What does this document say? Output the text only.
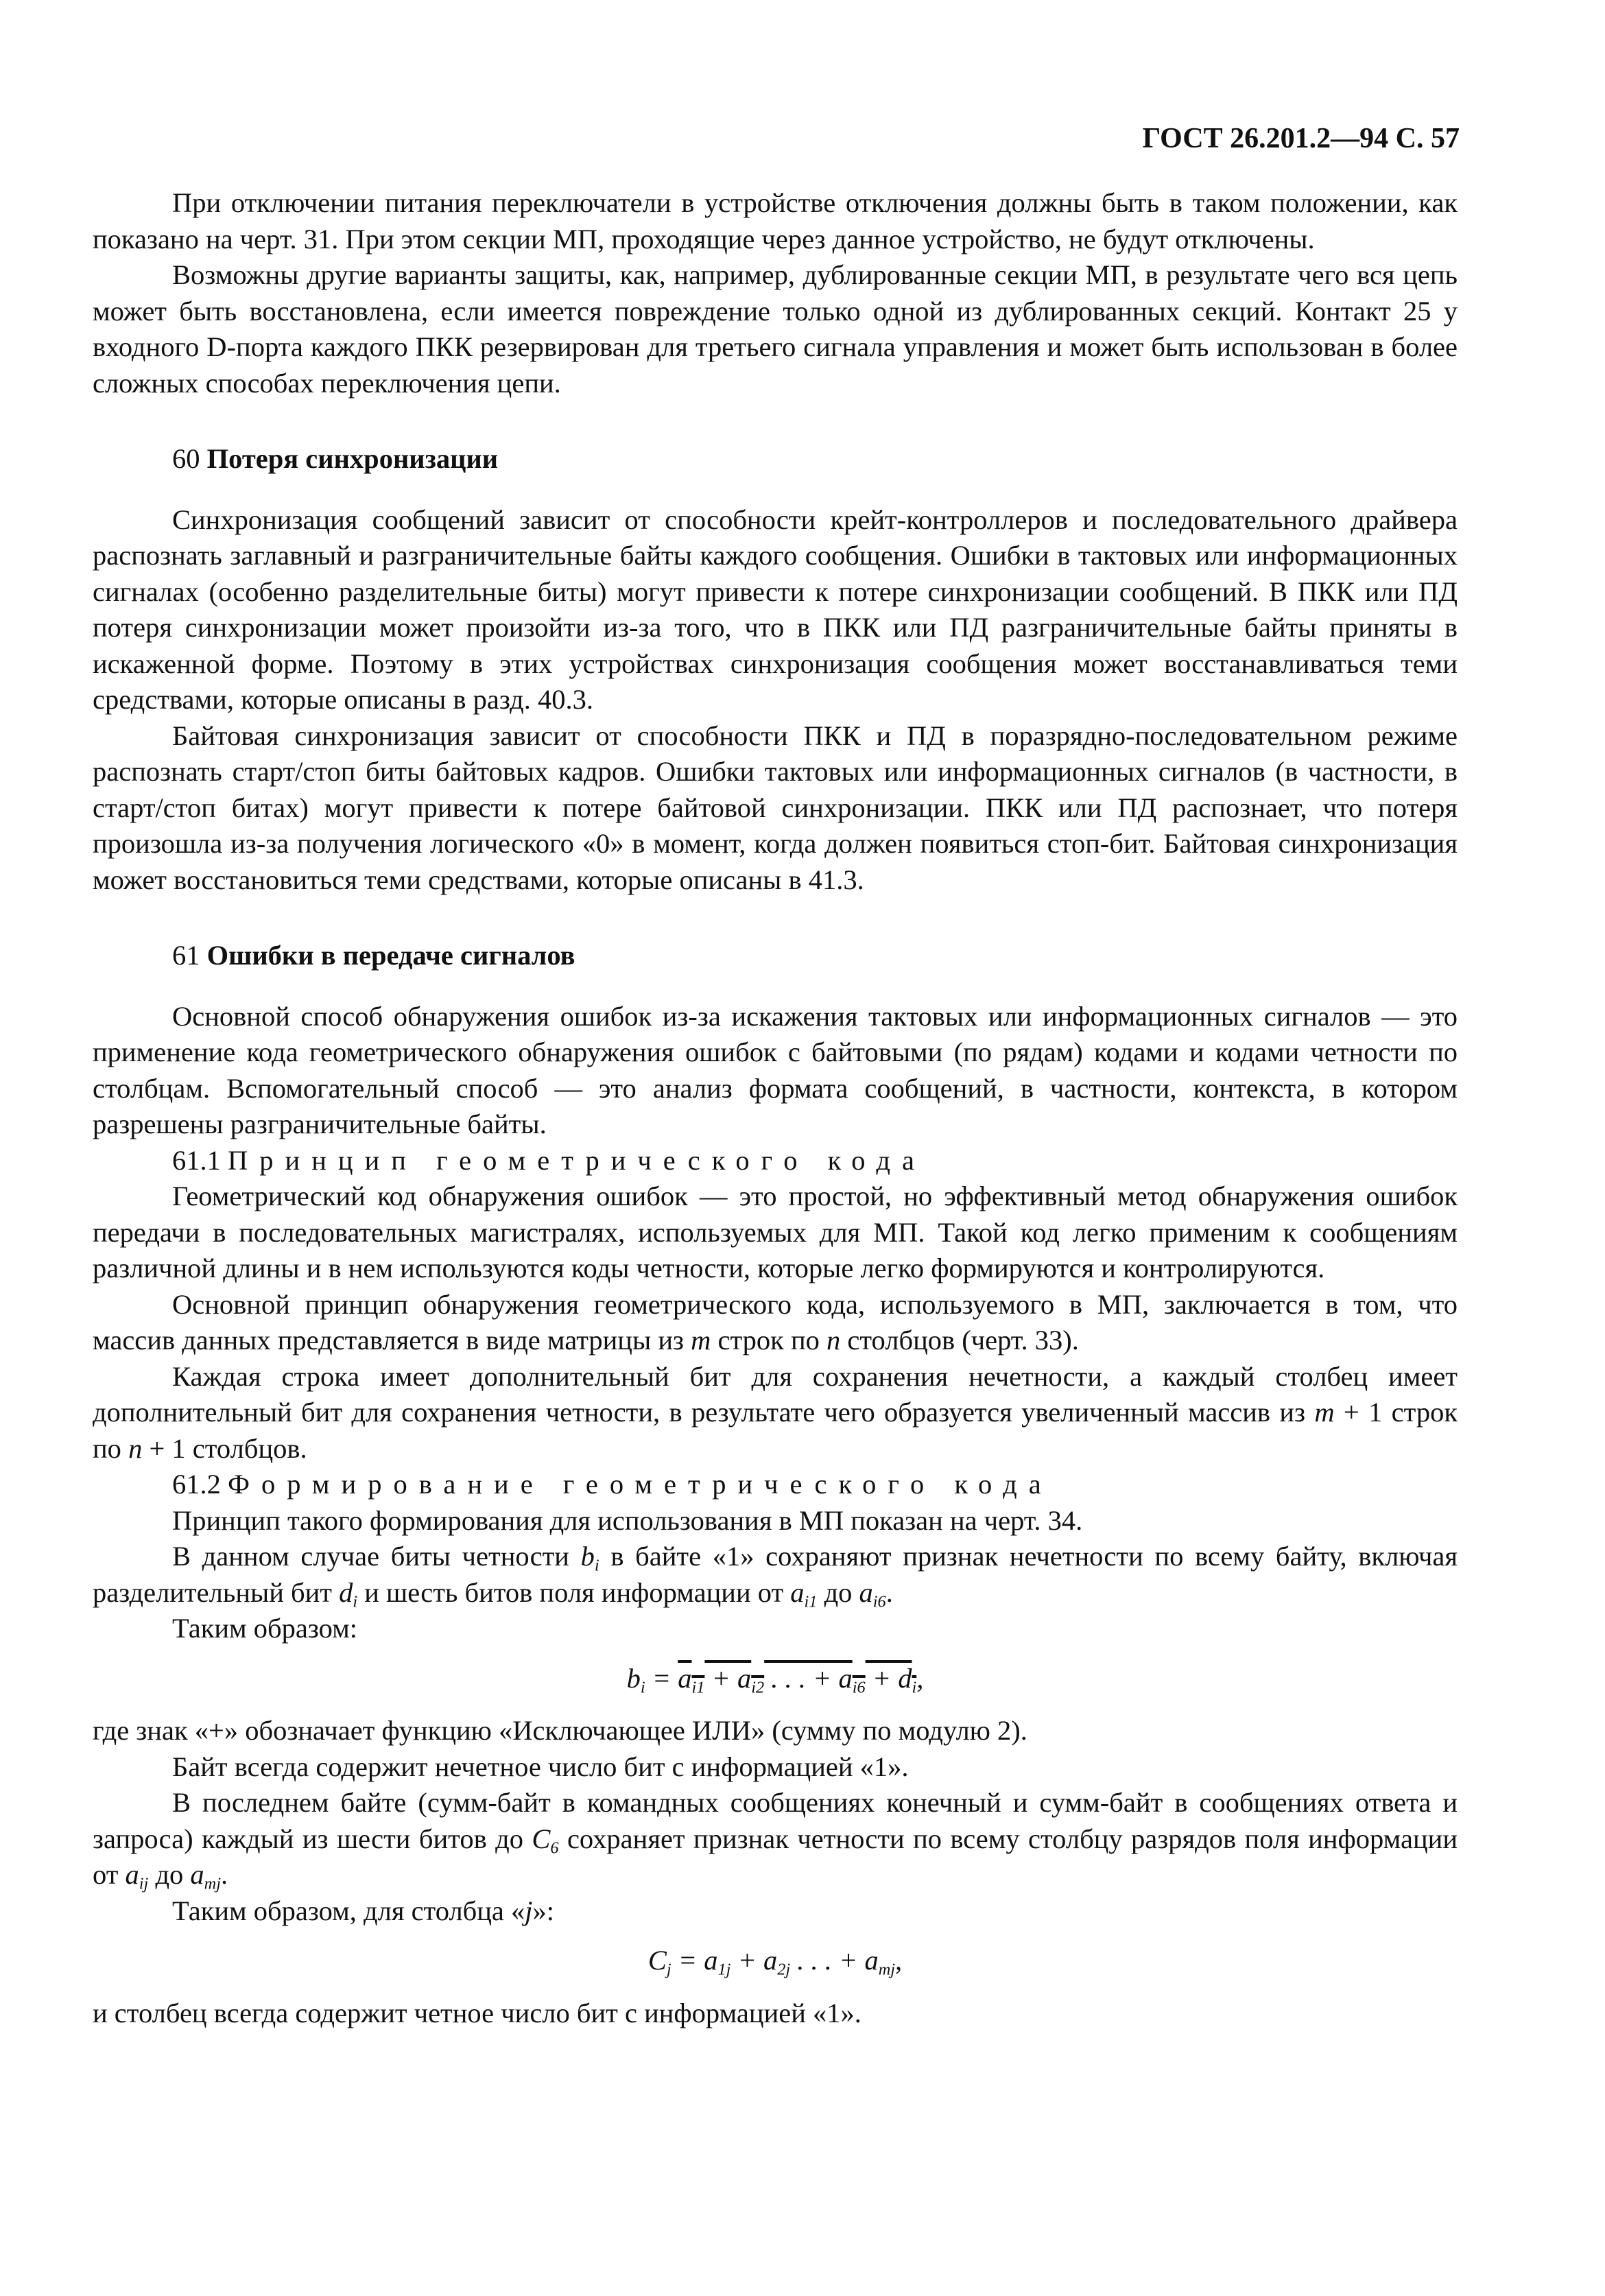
ГОСТ 26.201.2—94 С. 57

При отключении питания переключатели в устройстве отключения должны быть в таком положении, как показано на черт. 31. При этом секции МП, проходящие через данное устройство, не будут отключены.

Возможны другие варианты защиты, как, например, дублированные секции МП, в результате чего вся цепь может быть восстановлена, если имеется повреждение только одной из дублированных секций. Контакт 25 у входного D-порта каждого ПКК резервирован для третьего сигнала управления и может быть использован в более сложных способах переключения цепи.

60 Потеря синхронизации

Синхронизация сообщений зависит от способности крейт-контроллеров и последовательного драйвера распознать заглавный и разграничительные байты каждого сообщения. Ошибки в тактовых или информационных сигналах (особенно разделительные биты) могут привести к потере синхронизации сообщений. В ПКК или ПД потеря синхронизации может произойти из-за того, что в ПКК или ПД разграничительные байты приняты в искаженной форме. Поэтому в этих устройствах синхронизация сообщения может восстанавливаться теми средствами, которые описаны в разд. 40.3.

Байтовая синхронизация зависит от способности ПКК и ПД в поразрядно-последовательном режиме распознать старт/стоп биты байтовых кадров. Ошибки тактовых или информационных сигналов (в частности, в старт/стоп битах) могут привести к потере байтовой синхронизации. ПКК или ПД распознает, что потеря произошла из-за получения логического «0» в момент, когда должен появиться стоп-бит. Байтовая синхронизация может восстановиться теми средствами, которые описаны в 41.3.

61 Ошибки в передаче сигналов

Основной способ обнаружения ошибок из-за искажения тактовых или информационных сигналов — это применение кода геометрического обнаружения ошибок с байтовыми (по рядам) кодами и кодами четности по столбцам. Вспомогательный способ — это анализ формата сообщений, в частности, контекста, в котором разрешены разграничительные байты.

61.1 Принцип геометрического кода

Геометрический код обнаружения ошибок — это простой, но эффективный метод обнаружения ошибок передачи в последовательных магистралях, используемых для МП. Такой код легко применим к сообщениям различной длины и в нем используются коды четности, которые легко формируются и контролируются.

Основной принцип обнаружения геометрического кода, используемого в МП, заключается в том, что массив данных представляется в виде матрицы из m строк по n столбцов (черт. 33).

Каждая строка имеет дополнительный бит для сохранения нечетности, а каждый столбец имеет дополнительный бит для сохранения четности, в результате чего образуется увеличенный массив из m + 1 строк по n + 1 столбцов.

61.2 Формирование геометрического кода

Принцип такого формирования для использования в МП показан на черт. 34.

В данном случае биты четности $b_i$ в байте «1» сохраняют признак нечетности по всему байту, включая разделительный бит $d_i$ и шесть битов поля информации от $a_{i1}$ до $a_{i6}$.

Таким образом:

$b_i = a_{i1} + a_{i2}$ . . . + $a_{i6} + d_i$,

где знак «+» обозначает функцию «Исключающее ИЛИ» (сумму по модулю 2).

Байт всегда содержит нечетное число бит с информацией «1».

В последнем байте (сумм-байт в командных сообщениях конечный и сумм-байт в сообщениях ответа и запроса) каждый из шести битов до $C_6$ сохраняет признак четности по всему столбцу разрядов поля информации от $a_{ij}$ до $a_{mj}$.

Таким образом, для столбца «j»:

$C_j = a_{1j} + a_{2j}$ . . . + $a_{mj}$,

и столбец всегда содержит четное число бит с информацией «1».
